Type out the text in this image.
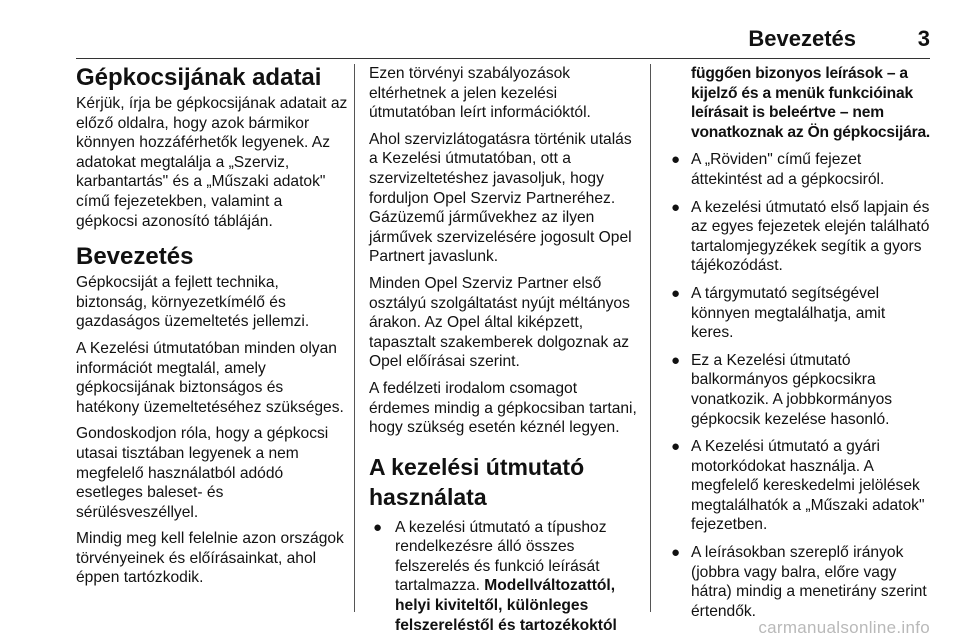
Bevezetés	3
Gépkocsijának adatai

Kérjük, írja be gépkocsijának adatait az előző oldalra, hogy azok bármikor könnyen hozzáférhetők legyenek. Az adatokat megtalálja a „Szerviz, karbantartás" és a „Műszaki adatok" című fejezetekben, valamint a gépkocsi azonosító tábláján.

Bevezetés

Gépkocsiját a fejlett technika, biztonság, környezetkímélő és gazdaságos üzemeltetés jellemzi.

A Kezelési útmutatóban minden olyan információt megtalál, amely gépkocsijának biztonságos és hatékony üzemeltetéséhez szükséges.

Gondoskodjon róla, hogy a gépkocsi utasai tisztában legyenek a nem megfelelő használatból adódó esetleges baleset- és sérülésveszéllyel.

Mindig meg kell felelnie azon országok törvényeinek és előírásainkat, ahol éppen tartózkodik.

Ezen törvényi szabályozások eltérhetnek a jelen kezelési útmutatóban leírt információktól.

Ahol szervizlátogatásra történik utalás a Kezelési útmutatóban, ott a szervizeltetéshez javasoljuk, hogy forduljon Opel Szerviz Partneréhez. Gázüzemű járművekhez az ilyen járművek szervizelésére jogosult Opel Partnert javaslunk.

Minden Opel Szerviz Partner első osztályú szolgáltatást nyújt méltányos árakon. Az Opel által kiképzett, tapasztalt szakemberek dolgoznak az Opel előírásai szerint.

A fedélzeti irodalom csomagot érdemes mindig a gépkocsiban tartani, hogy szükség esetén kéznél legyen.

A kezelési útmutató használata
● A kezelési útmutató a típushoz rendelkezésre álló összes felszerelés és funkció leírását tartalmazza. Modellváltozattól, helyi kiviteltől, különleges felszereléstől és tartozékoktól
függően bizonyos leírások – a kijelző és a menük funkcióinak leírásait is beleértve – nem vonatkoznak az Ön gépkocsijára.
● A „Röviden" című fejezet áttekintést ad a gépkocsiról.
● A kezelési útmutató első lapjain és az egyes fejezetek elején található tartalomjegyzékek segítik a gyors tájékozódást.
● A tárgymutató segítségével könnyen megtalálhatja, amit keres.
● Ez a Kezelési útmutató balkormányos gépkocsikra vonatkozik. A jobbkormányos gépkocsik kezelése hasonló.
● A Kezelési útmutató a gyári motorkódokat használja. A megfelelő kereskedelmi jelölések megtalálhatók a „Műszaki adatok" fejezetben.
● A leírásokban szereplő irányok (jobbra vagy balra, előre vagy hátra) mindig a menetirány szerint értendők.
carmanualsonline.info
